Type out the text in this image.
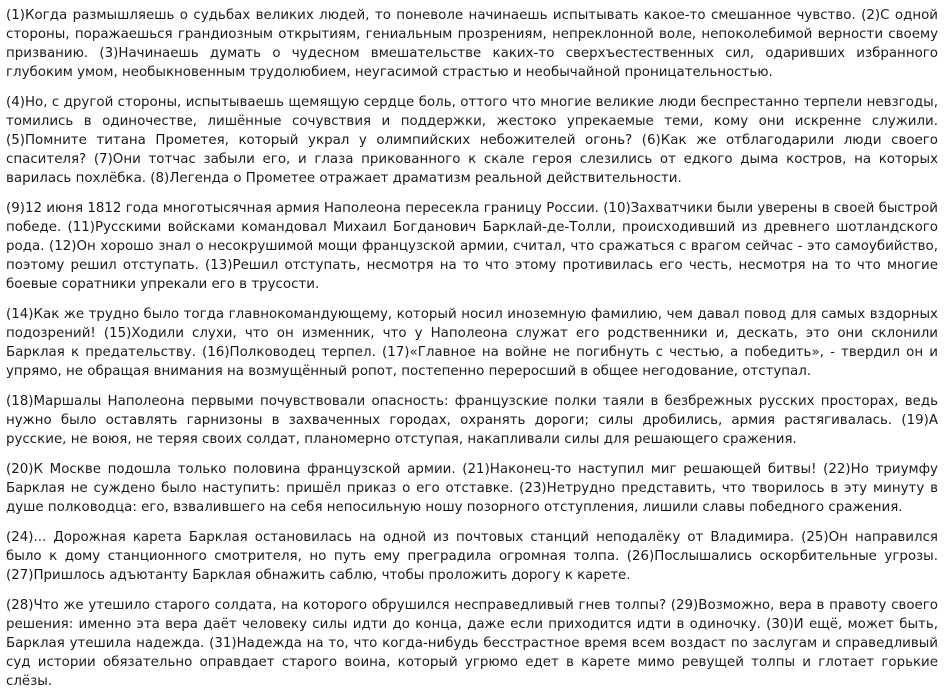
(1)Когда размышляешь о судьбах великих людей, то поневоле начинаешь испытывать какое-то смешанное чувство. (2)С одной стороны, поражаешься грандиозным открытиям, гениальным прозрениям, непреклонной воле, непоколебимой верности своему призванию. (3)Начинаешь думать о чудесном вмешательстве каких-то сверхъестественных сил, одаривших избранного глубоким умом, необыкновенным трудолюбием, неугасимой страстью и необычайной проницательностью.

(4)Но, с другой стороны, испытываешь щемящую сердце боль, оттого что многие великие люди беспрестанно терпели невзгоды, томились в одиночестве, лишённые сочувствия и поддержки, жестоко упрекаемые теми, кому они искренне служили. (5)Помните титана Прометея, который украл у олимпийских небожителей огонь? (6)Как же отблагодарили люди своего спасителя? (7)Они тотчас забыли его, и глаза прикованного к скале героя слезились от едкого дыма костров, на которых варилась похлёбка. (8)Легенда о Прометее отражает драматизм реальной действительности.

(9)12 июня 1812 года многотысячная армия Наполеона пересекла границу России. (10)Захватчики были уверены в своей быстрой победе. (11)Русскими войсками командовал Михаил Богданович Барклай-де-Толли, происходивший из древнего шотландского рода. (12)Он хорошо знал о несокрушимой мощи французской армии, считал, что сражаться с врагом сейчас - это самоубийство, поэтому решил отступать. (13)Решил отступать, несмотря на то что этому противилась его честь, несмотря на то что многие боевые соратники упрекали его в трусости.

(14)Как же трудно было тогда главнокомандующему, который носил иноземную фамилию, чем давал повод для самых вздорных подозрений! (15)Ходили слухи, что он изменник, что у Наполеона служат его родственники и, дескать, это они склонили Барклая к предательству. (16)Полководец терпел. (17)«Главное на войне не погибнуть с честью, а победить», - твердил он и упрямо, не обращая внимания на возмущённый ропот, постепенно переросший в общее негодование, отступал.

(18)Маршалы Наполеона первыми почувствовали опасность: французские полки таяли в безбрежных русских просторах, ведь нужно было оставлять гарнизоны в захваченных городах, охранять дороги; силы дробились, армия растягивалась. (19)А русские, не воюя, не теряя своих солдат, планомерно отступая, накапливали силы для решающего сражения.

(20)К Москве подошла только половина французской армии. (21)Наконец-то наступил миг решающей битвы! (22)Но триумфу Барклая не суждено было наступить: пришёл приказ о его отставке. (23)Нетрудно представить, что творилось в эту минуту в душе полководца: его, взвалившего на себя непосильную ношу позорного отступления, лишили славы победного сражения.

(24)... Дорожная карета Барклая остановилась на одной из почтовых станций неподалёку от Владимира. (25)Он направился было к дому станционного смотрителя, но путь ему преградила огромная толпа. (26)Послышались оскорбительные угрозы. (27)Пришлось адъютанту Барклая обнажить саблю, чтобы проложить дорогу к карете.

(28)Что же утешило старого солдата, на которого обрушился несправедливый гнев толпы? (29)Возможно, вера в правоту своего решения: именно эта вера даёт человеку силы идти до конца, даже если приходится идти в одиночку. (30)И ещё, может быть, Барклая утешила надежда. (31)Надежда на то, что когда-нибудь бесстрастное время всем воздаст по заслугам и справедливый суд истории обязательно оправдает старого воина, который угрюмо едет в карете мимо ревущей толпы и глотает горькие слёзы.
